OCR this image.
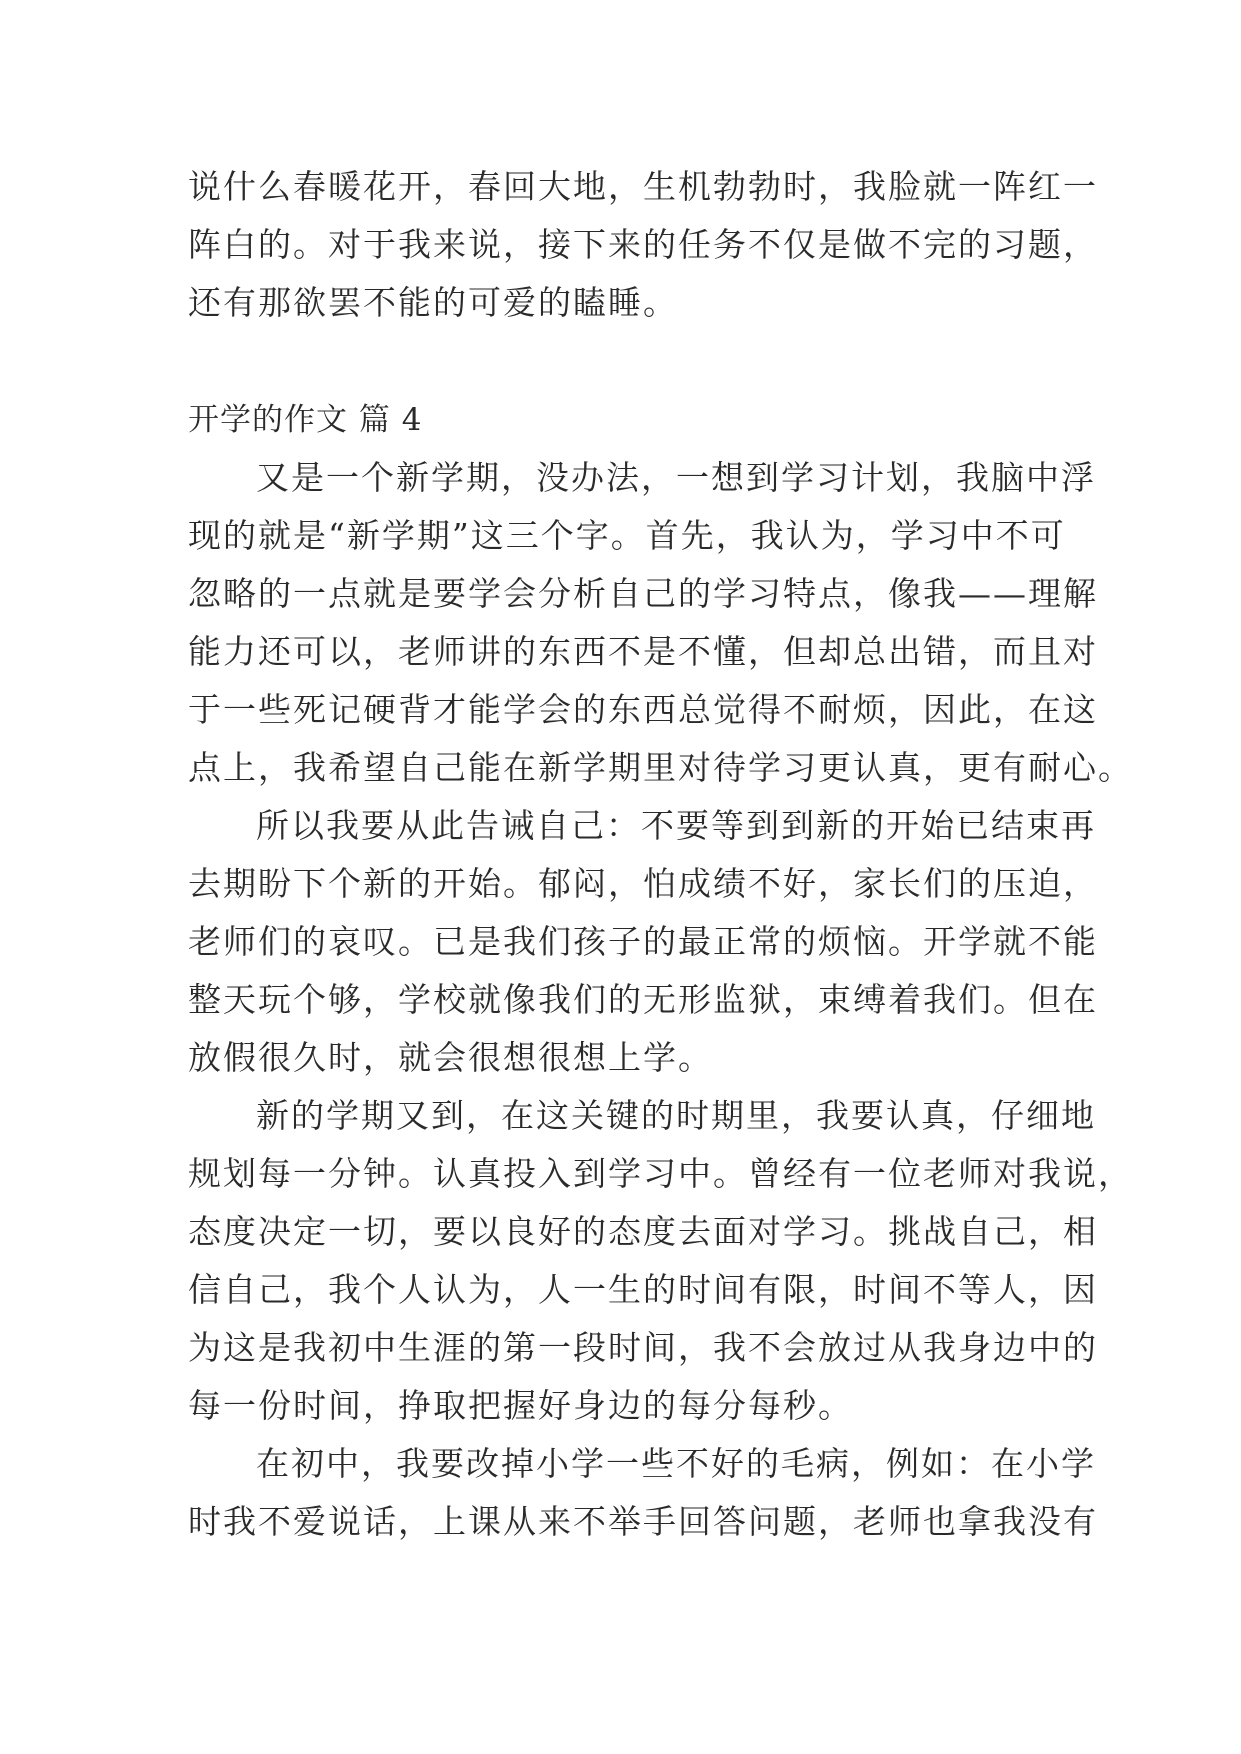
说什么春暖花开，春回大地，生机勃勃时，我脸就一阵红一
阵白的。对于我来说，接下来的任务不仅是做不完的习题，
还有那欲罢不能的可爱的瞌睡。
开学的作文 篇 4
又是一个新学期，没办法，一想到学习计划，我脑中浮
现的就是“新学期”这三个字。首先，我认为，学习中不可
忽略的一点就是要学会分析自己的学习特点，像我——理解
能力还可以，老师讲的东西不是不懂，但却总出错，而且对
于一些死记硬背才能学会的东西总觉得不耐烦，因此，在这
点上，我希望自己能在新学期里对待学习更认真，更有耐心。
所以我要从此告诫自己：不要等到到新的开始已结束再
去期盼下个新的开始。郁闷，怕成绩不好，家长们的压迫，
老师们的哀叹。已是我们孩子的最正常的烦恼。开学就不能
整天玩个够，学校就像我们的无形监狱，束缚着我们。但在
放假很久时，就会很想很想上学。
新的学期又到，在这关键的时期里，我要认真，仔细地
规划每一分钟。认真投入到学习中。曾经有一位老师对我说，
态度决定一切，要以良好的态度去面对学习。挑战自己，相
信自己，我个人认为，人一生的时间有限，时间不等人，因
为这是我初中生涯的第一段时间，我不会放过从我身边中的
每一份时间，挣取把握好身边的每分每秒。
在初中，我要改掉小学一些不好的毛病，例如：在小学
时我不爱说话，上课从来不举手回答问题，老师也拿我没有
